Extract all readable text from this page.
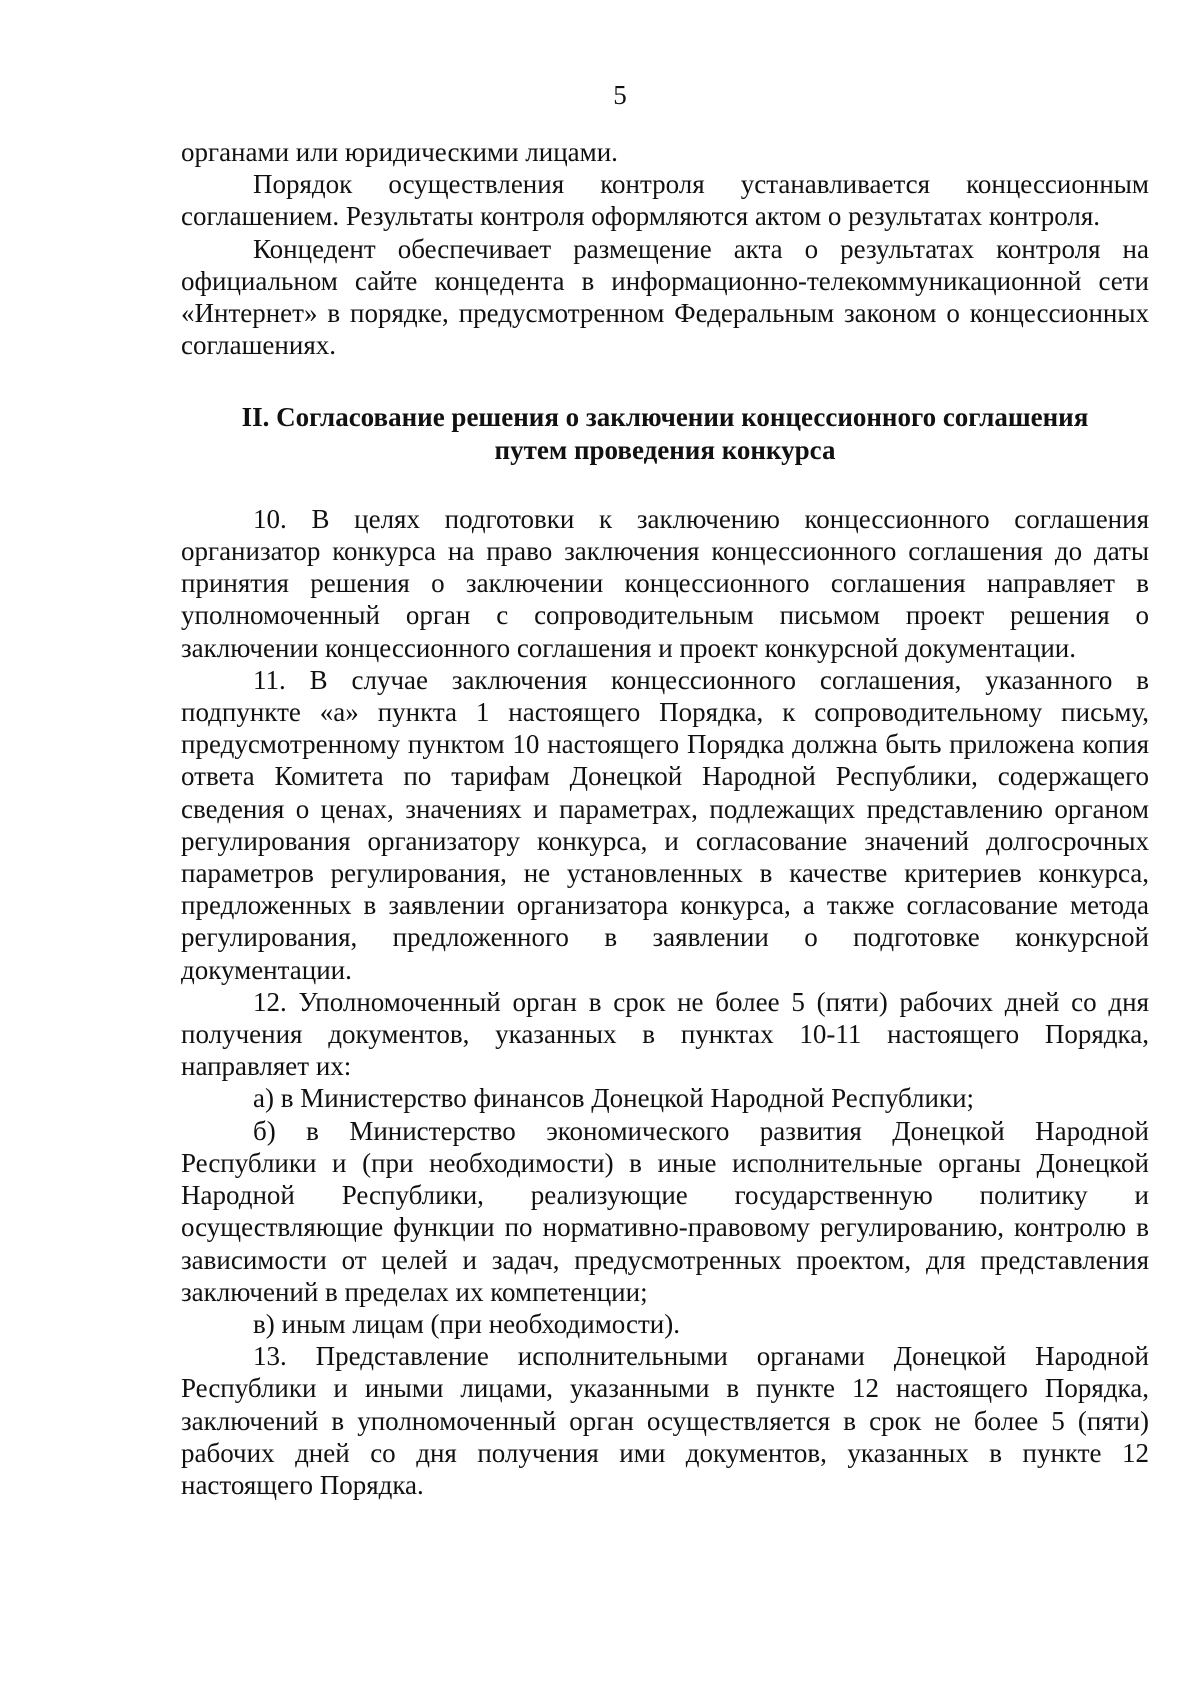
5

органами или юридическими лицами.

Порядок осуществления контроля устанавливается концессионным соглашением. Результаты контроля оформляются актом о результатах контроля.

Концедент обеспечивает размещение акта о результатах контроля на официальном сайте концедента в информационно-телекоммуникационной сети «Интернет» в порядке, предусмотренном Федеральным законом о концессионных соглашениях.

II. Согласование решения о заключении концессионного соглашения
путем проведения конкурса

10. В целях подготовки к заключению концессионного соглашения организатор конкурса на право заключения концессионного соглашения до даты принятия решения о заключении концессионного соглашения направляет в уполномоченный орган с сопроводительным письмом проект решения о заключении концессионного соглашения и проект конкурсной документации.

11. В случае заключения концессионного соглашения, указанного в подпункте «а» пункта 1 настоящего Порядка, к сопроводительному письму, предусмотренному пунктом 10 настоящего Порядка должна быть приложена копия ответа Комитета по тарифам Донецкой Народной Республики, содержащего сведения о ценах, значениях и параметрах, подлежащих представлению органом регулирования организатору конкурса, и согласование значений долгосрочных параметров регулирования, не установленных в качестве критериев конкурса, предложенных в заявлении организатора конкурса, а также согласование метода регулирования, предложенного в заявлении о подготовке конкурсной документации.

12. Уполномоченный орган в срок не более 5 (пяти) рабочих дней со дня получения документов, указанных в пунктах 10-11 настоящего Порядка, направляет их:

а) в Министерство финансов Донецкой Народной Республики;

б) в Министерство экономического развития Донецкой Народной Республики и (при необходимости) в иные исполнительные органы Донецкой Народной Республики, реализующие государственную политику и осуществляющие функции по нормативно-правовому регулированию, контролю в зависимости от целей и задач, предусмотренных проектом, для представления заключений в пределах их компетенции;

в) иным лицам (при необходимости).

13. Представление исполнительными органами Донецкой Народной Республики и иными лицами, указанными в пункте 12 настоящего Порядка, заключений в уполномоченный орган осуществляется в срок не более 5 (пяти) рабочих дней со дня получения ими документов, указанных в пункте 12 настоящего Порядка.
